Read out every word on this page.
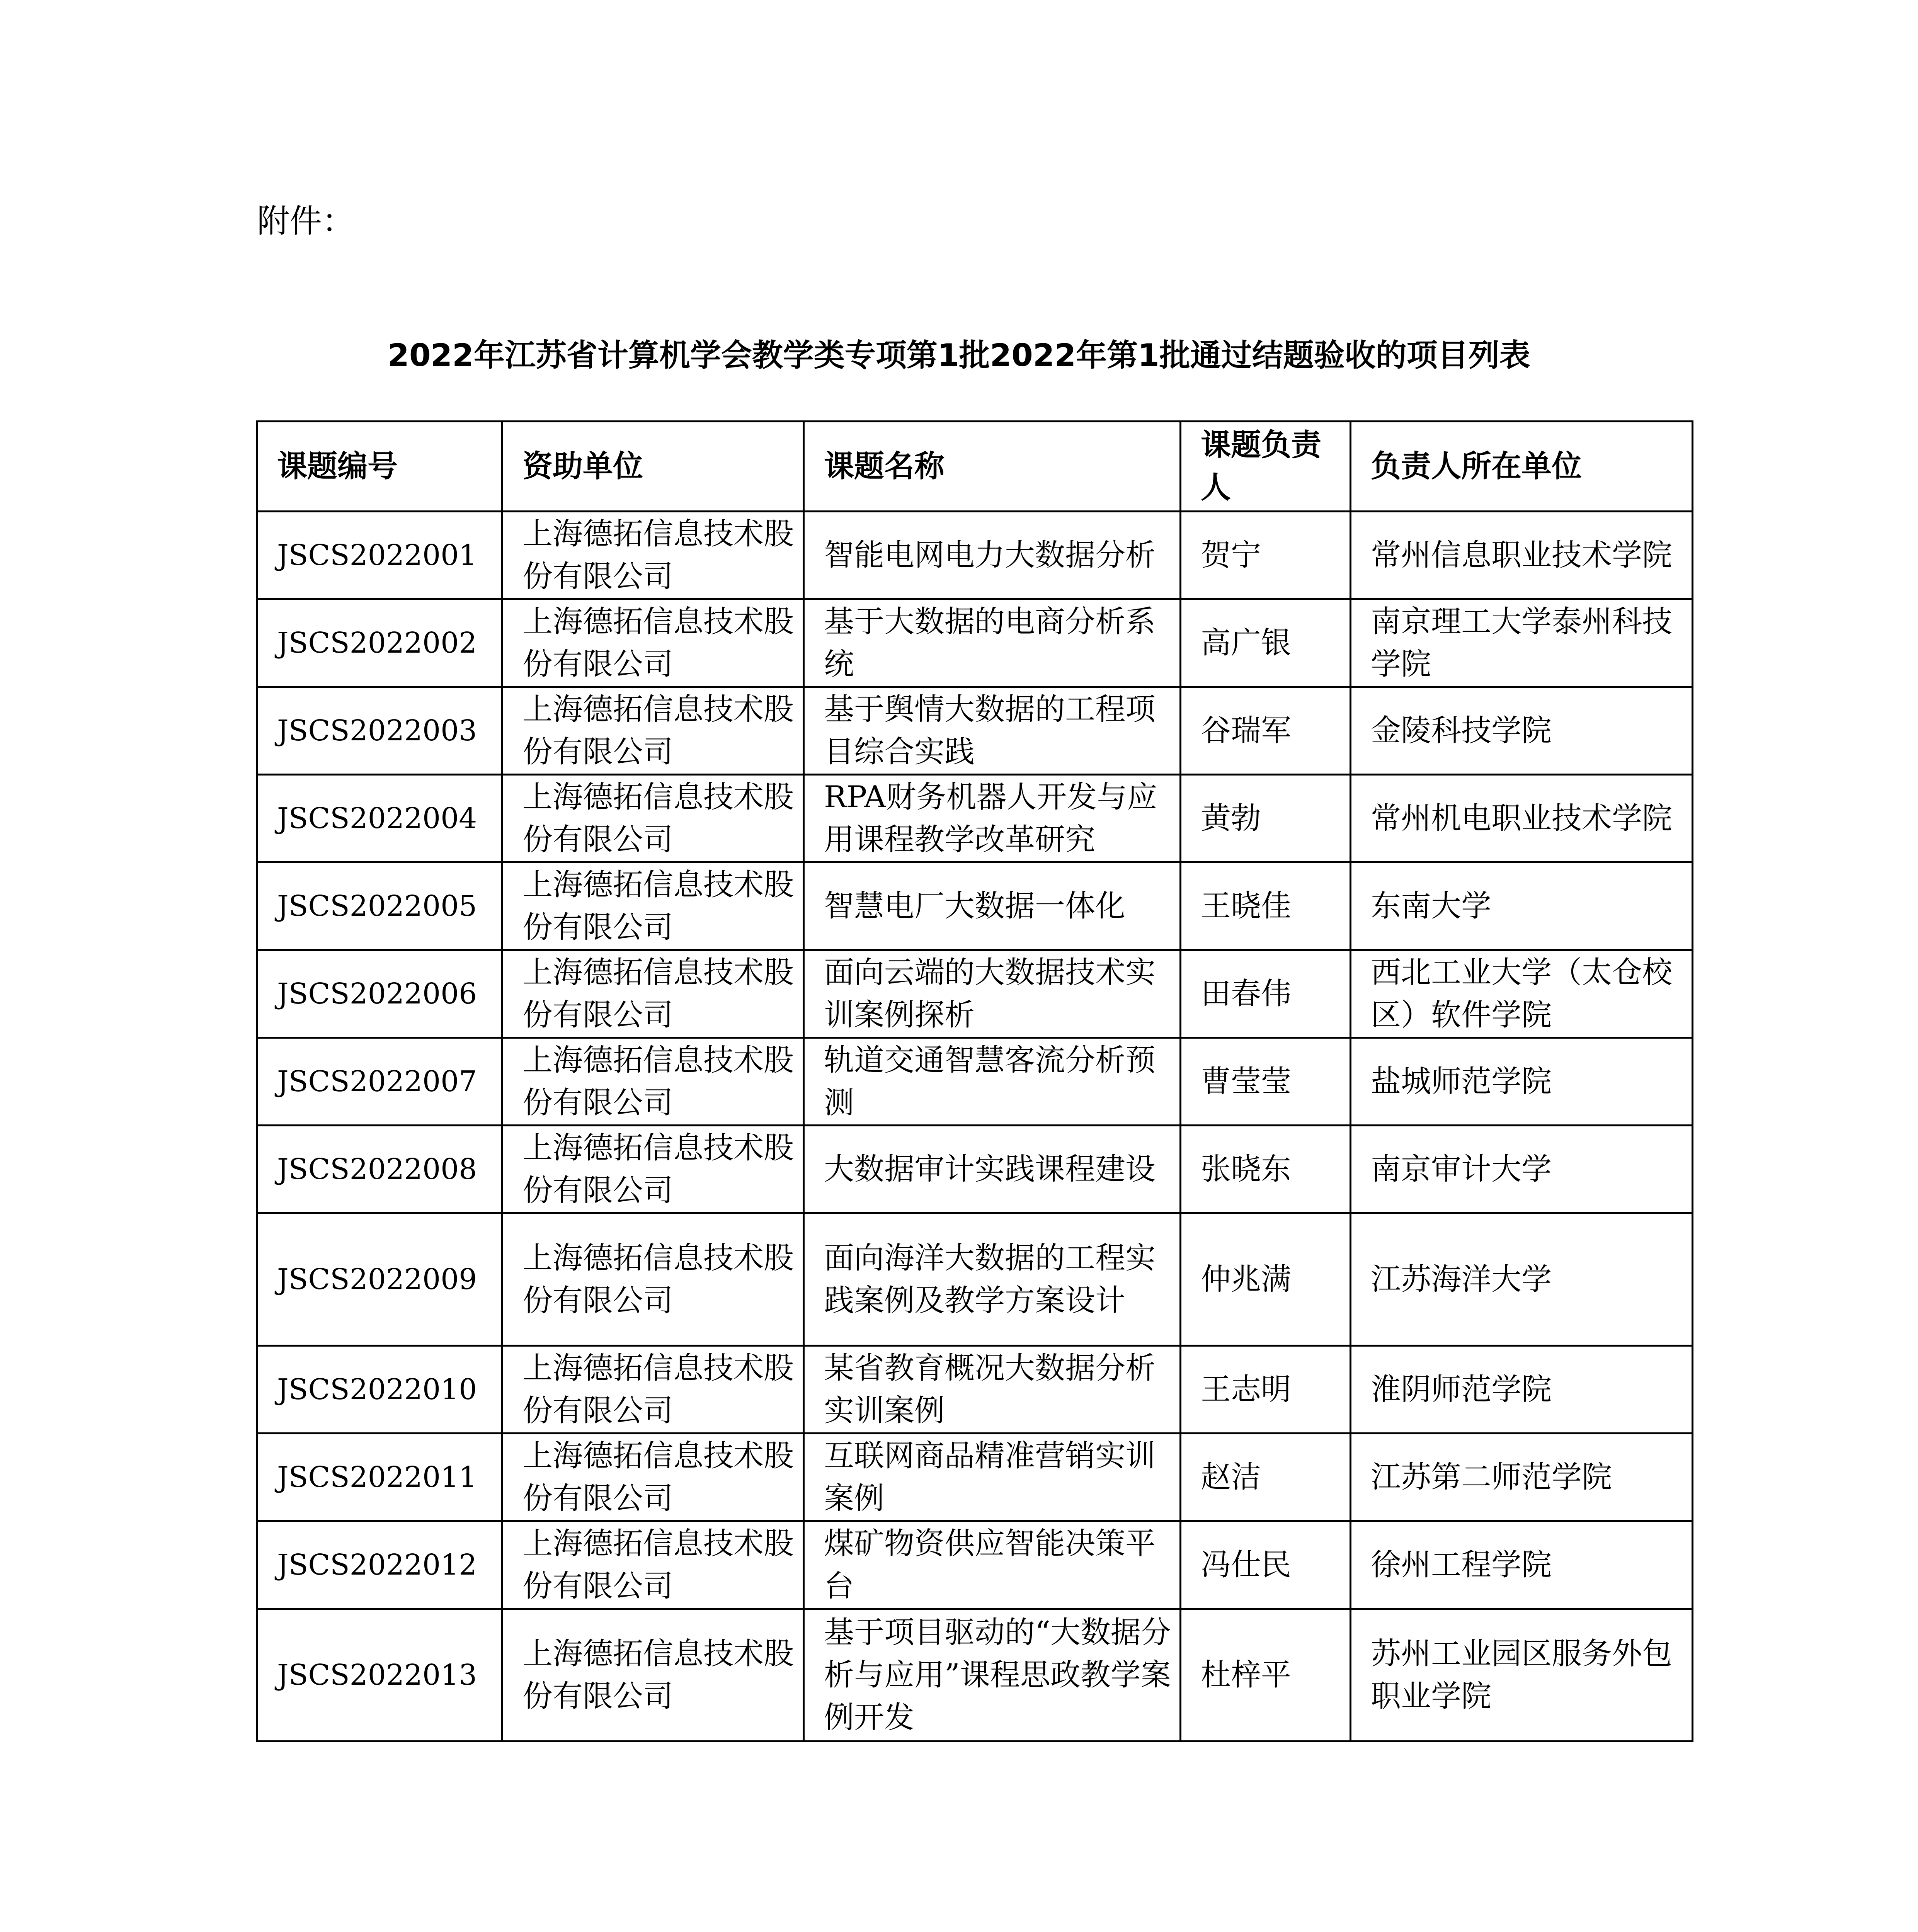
附件：
2022年江苏省计算机学会教学类专项第1批2022年第1批通过结题验收的项目列表
课题编号	资助单位	课题名称	课题负责人	负责人所在单位
JSCS2022001	上海德拓信息技术股份有限公司	智能电网电力大数据分析	贺宁	常州信息职业技术学院
JSCS2022002	上海德拓信息技术股份有限公司	基于大数据的电商分析系统	高广银	南京理工大学泰州科技学院
JSCS2022003	上海德拓信息技术股份有限公司	基于舆情大数据的工程项目综合实践	谷瑞军	金陵科技学院
JSCS2022004	上海德拓信息技术股份有限公司	RPA财务机器人开发与应用课程教学改革研究	黄勃	常州机电职业技术学院
JSCS2022005	上海德拓信息技术股份有限公司	智慧电厂大数据一体化	王晓佳	东南大学
JSCS2022006	上海德拓信息技术股份有限公司	面向云端的大数据技术实训案例探析	田春伟	西北工业大学（太仓校区）软件学院
JSCS2022007	上海德拓信息技术股份有限公司	轨道交通智慧客流分析预测	曹莹莹	盐城师范学院
JSCS2022008	上海德拓信息技术股份有限公司	大数据审计实践课程建设	张晓东	南京审计大学
JSCS2022009	上海德拓信息技术股份有限公司	面向海洋大数据的工程实践案例及教学方案设计	仲兆满	江苏海洋大学
JSCS2022010	上海德拓信息技术股份有限公司	某省教育概况大数据分析实训案例	王志明	淮阴师范学院
JSCS2022011	上海德拓信息技术股份有限公司	互联网商品精准营销实训案例	赵洁	江苏第二师范学院
JSCS2022012	上海德拓信息技术股份有限公司	煤矿物资供应智能决策平台	冯仕民	徐州工程学院
JSCS2022013	上海德拓信息技术股份有限公司	基于项目驱动的“大数据分析与应用”课程思政教学案例开发	杜梓平	苏州工业园区服务外包职业学院
